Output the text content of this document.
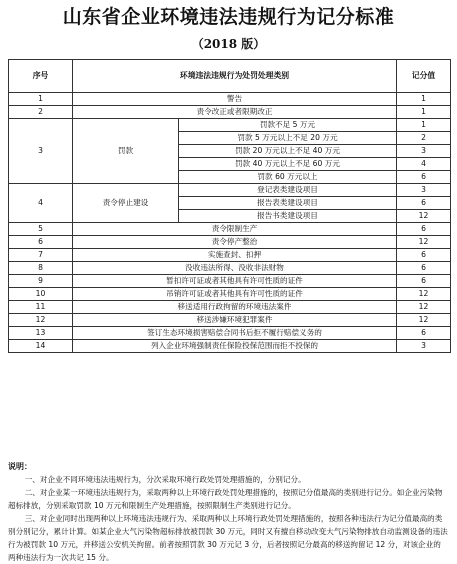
山东省企业环境违法违规行为记分标准
（2018 版）
序号	环境违法违规行为处罚处理类别		记分值
1	警告		1
2	责令改正或者限期改正		1
3	罚款	罚款不足 5 万元	1
		罚款 5 万元以上不足 20 万元	2
		罚款 20 万元以上不足 40 万元	3
		罚款 40 万元以上不足 60 万元	4
		罚款 60 万元以上	6
4	责令停止建设	登记表类建设项目	3
		报告表类建设项目	6
		报告书类建设项目	12
5	责令限制生产		6
6	责令停产整治		12
7	实施查封、扣押		6
8	没收违法所得、没收非法财物		6
9	暂扣许可证或者其他具有许可性质的证件		6
10	吊销许可证或者其他具有许可性质的证件		12
11	移送适用行政拘留的环境违法案件		12
12	移送涉嫌环境犯罪案件		12
13	签订生态环境损害赔偿合同书后拒不履行赔偿义务的		6
14	列入企业环境强制责任保险投保范围而拒不投保的		3
说明：

一、对企业不同环境违法违规行为，分次采取环境行政处罚处理措施的，分别记分。

二、对企业某一环境违法违规行为，采取两种以上环境行政处罚处理措施的，按照记分值最高的类别进行记分。如企业污染物超标排放，分别采取罚款 10 万元和限制生产处理措施，按照限制生产类别进行记分。

三、对企业同时出现两种以上环境违法违规行为、采取两种以上环境行政处罚处理措施的，按照各种违法行为记分值最高的类别分别记分，累计计算。如某企业大气污染物超标排放被罚款 30 万元，同时又有擅自移动改变大气污染物排放自动监测设备的违法行为被罚款 10 万元，并移送公安机关拘留。前者按照罚款 30 万元记 3 分，后者按照记分最高的移送拘留记 12 分，对该企业的两种违法行为一次共记 15 分。
